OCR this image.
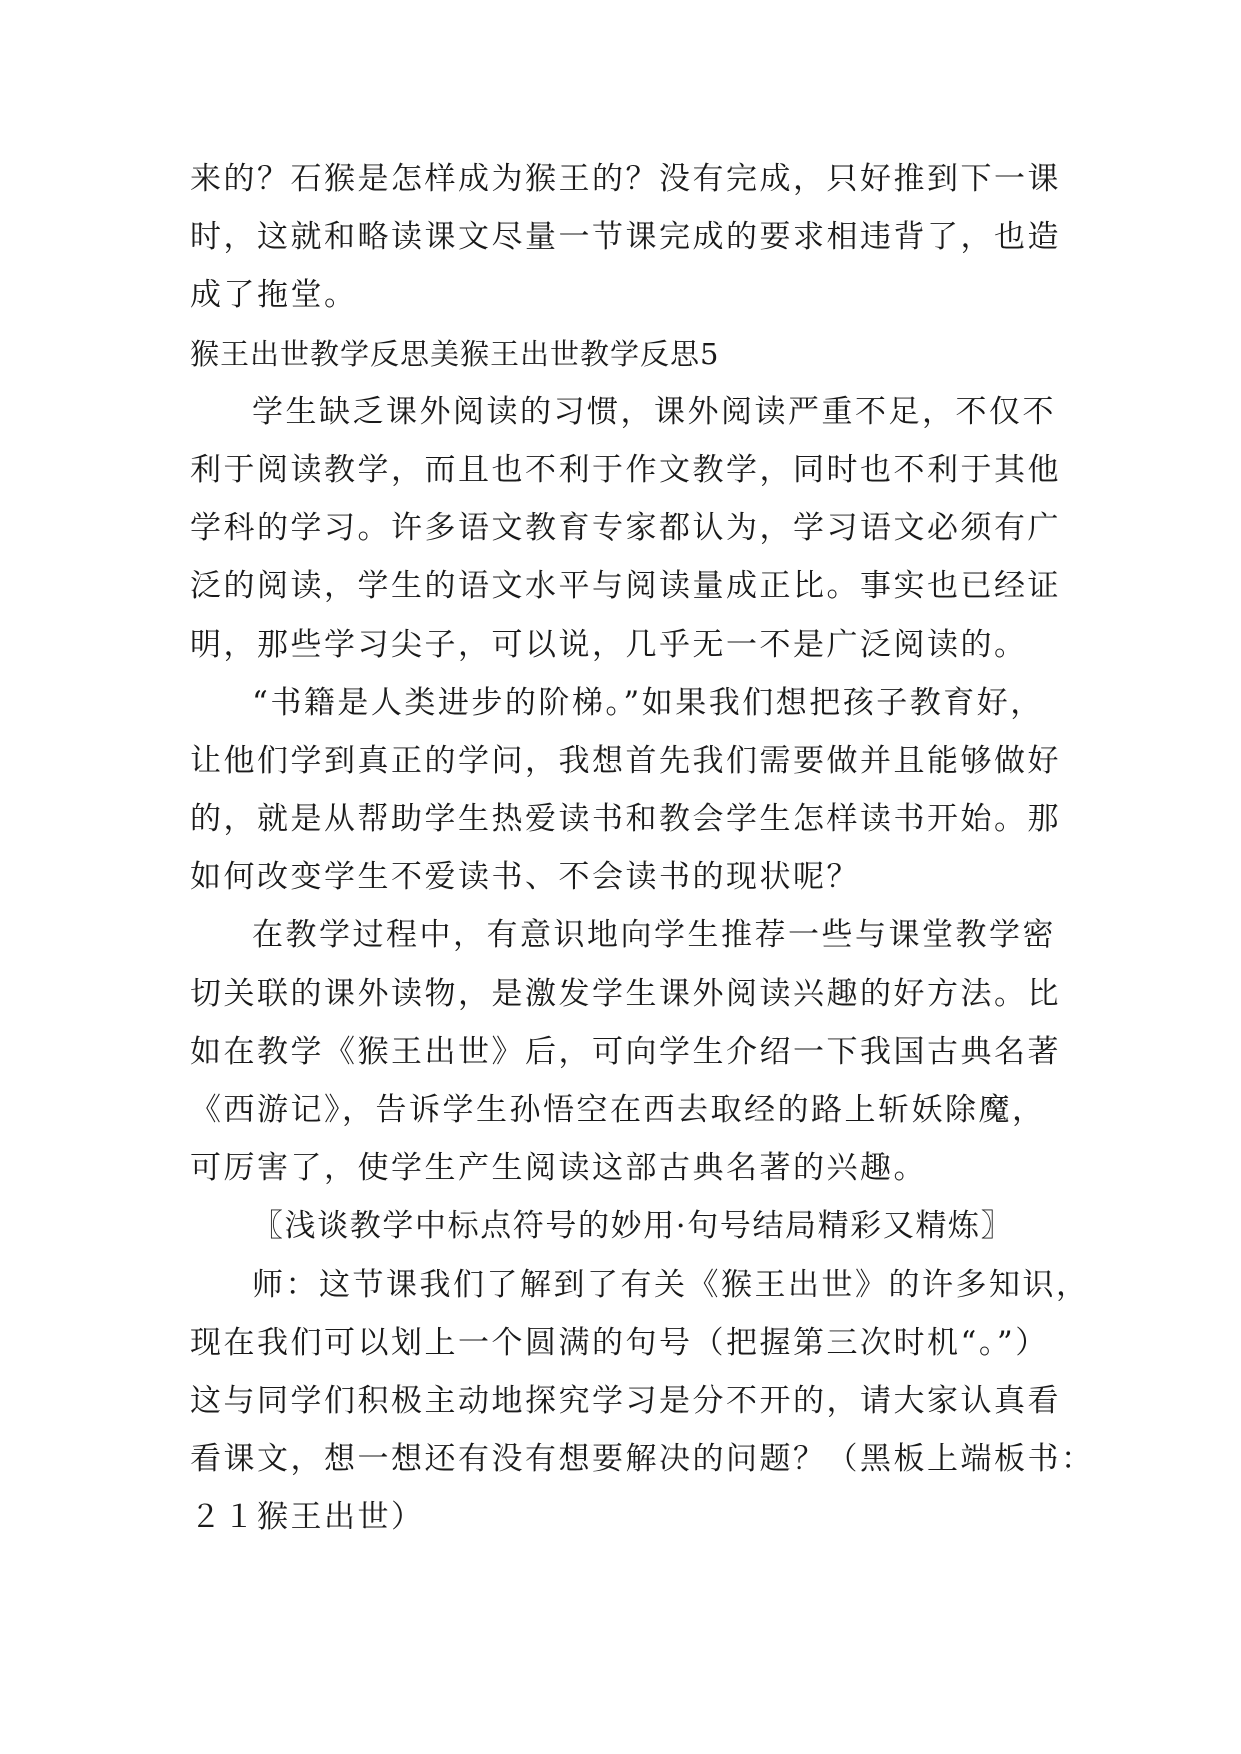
来的？石猴是怎样成为猴王的？没有完成，只好推到下一课
时，这就和略读课文尽量一节课完成的要求相违背了，也造
成了拖堂。
猴王出世教学反思美猴王出世教学反思5
学生缺乏课外阅读的习惯，课外阅读严重不足，不仅不
利于阅读教学，而且也不利于作文教学，同时也不利于其他
学科的学习。许多语文教育专家都认为，学习语文必须有广
泛的阅读，学生的语文水平与阅读量成正比。事实也已经证
明，那些学习尖子，可以说，几乎无一不是广泛阅读的。
“书籍是人类进步的阶梯。”如果我们想把孩子教育好，
让他们学到真正的学问，我想首先我们需要做并且能够做好
的，就是从帮助学生热爱读书和教会学生怎样读书开始。那
如何改变学生不爱读书、不会读书的现状呢？
在教学过程中，有意识地向学生推荐一些与课堂教学密
切关联的课外读物，是激发学生课外阅读兴趣的好方法。比
如在教学《猴王出世》后，可向学生介绍一下我国古典名著
《西游记》，告诉学生孙悟空在西去取经的路上斩妖除魔，
可厉害了，使学生产生阅读这部古典名著的兴趣。
〖浅谈教学中标点符号的妙用·句号结局精彩又精炼〗
师：这节课我们了解到了有关《猴王出世》的许多知识，
现在我们可以划上一个圆满的句号（把握第三次时机“。”）
这与同学们积极主动地探究学习是分不开的，请大家认真看
看课文，想一想还有没有想要解决的问题？（黑板上端板书：
２１猴王出世）
